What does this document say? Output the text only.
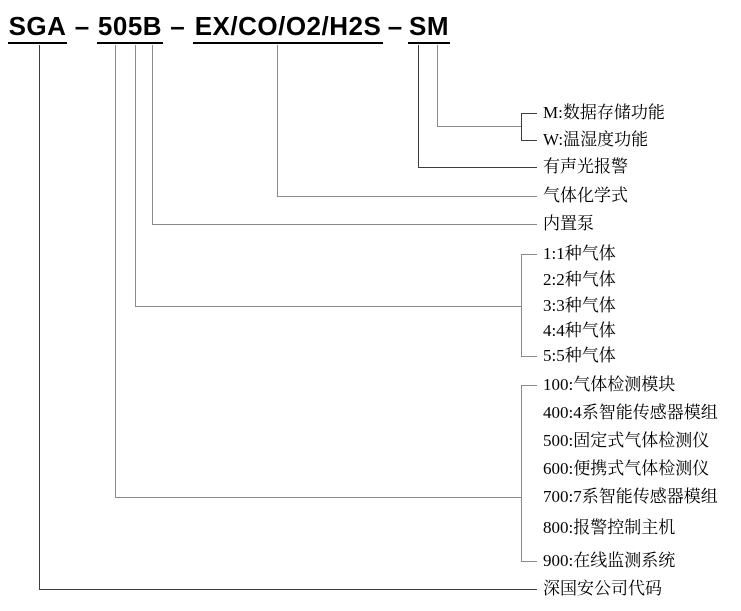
SGA – 505B – EX/CO/O2/H2S – SM
M:数据存储功能
W:温湿度功能
有声光报警
气体化学式
内置泵
1:1种气体
2:2种气体
3:3种气体
4:4种气体
5:5种气体
100:气体检测模块
400:4系智能传感器模组
500:固定式气体检测仪
600:便携式气体检测仪
700:7系智能传感器模组
800:报警控制主机
900:在线监测系统
深国安公司代码
